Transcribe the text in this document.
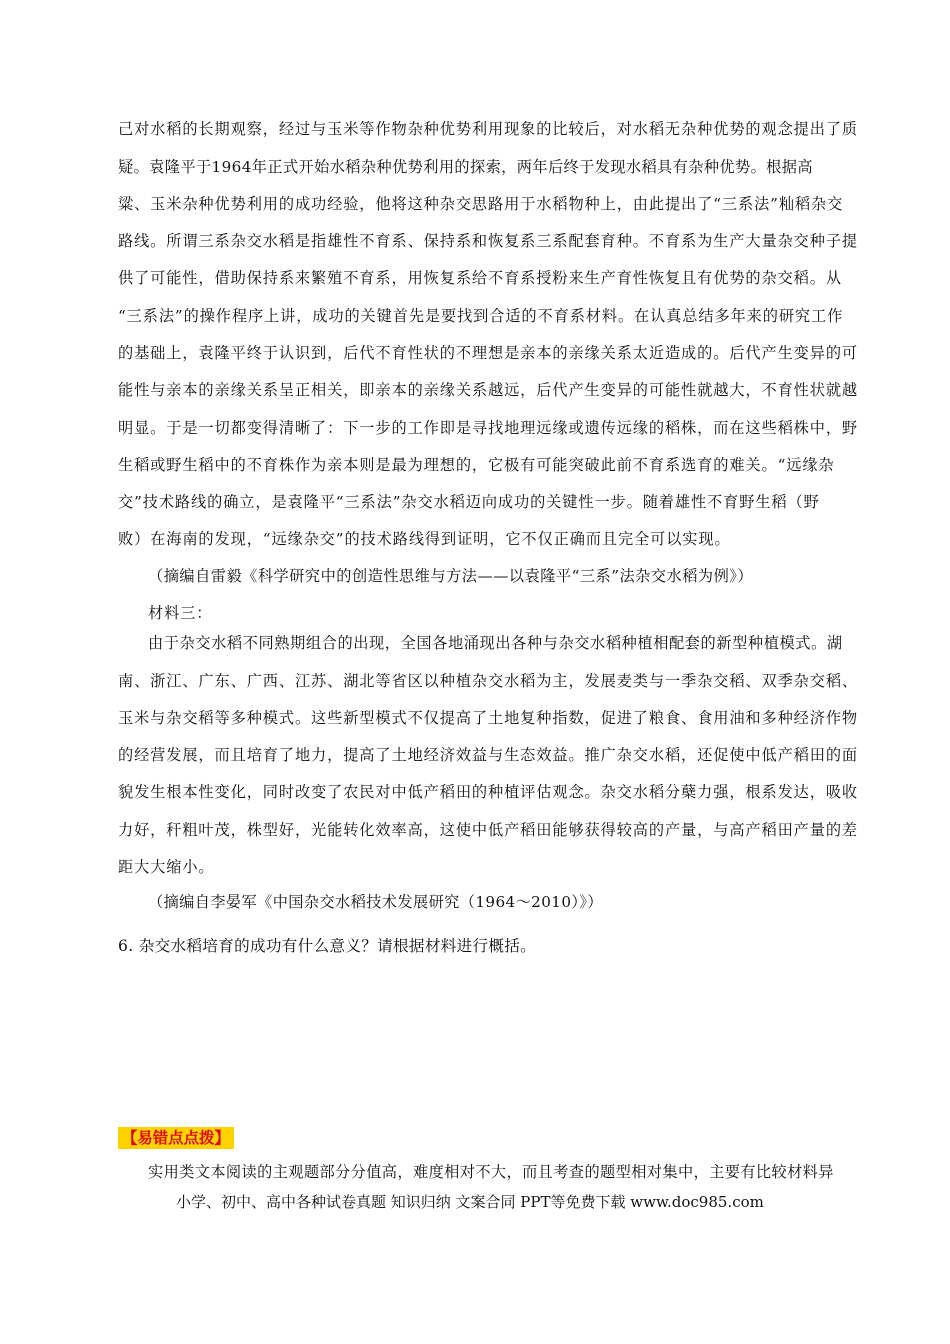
己对水稻的长期观察，经过与玉米等作物杂种优势利用现象的比较后，对水稻无杂种优势的观念提出了质
疑。袁隆平于1964年正式开始水稻杂种优势利用的探索，两年后终于发现水稻具有杂种优势。根据高
粱、玉米杂种优势利用的成功经验，他将这种杂交思路用于水稻物种上，由此提出了“三系法”籼稻杂交
路线。所谓三系杂交水稻是指雄性不育系、保持系和恢复系三系配套育种。不育系为生产大量杂交种子提
供了可能性，借助保持系来繁殖不育系，用恢复系给不育系授粉来生产育性恢复且有优势的杂交稻。从
“三系法”的操作程序上讲，成功的关键首先是要找到合适的不育系材料。在认真总结多年来的研究工作
的基础上，袁隆平终于认识到，后代不育性状的不理想是亲本的亲缘关系太近造成的。后代产生变异的可
能性与亲本的亲缘关系呈正相关，即亲本的亲缘关系越远，后代产生变异的可能性就越大，不育性状就越
明显。于是一切都变得清晰了：下一步的工作即是寻找地理远缘或遗传远缘的稻株，而在这些稻株中，野
生稻或野生稻中的不育株作为亲本则是最为理想的，它极有可能突破此前不育系选育的难关。“远缘杂
交”技术路线的确立，是袁隆平“三系法”杂交水稻迈向成功的关键性一步。随着雄性不育野生稻（野
败）在海南的发现，“远缘杂交”的技术路线得到证明，它不仅正确而且完全可以实现。
（摘编自雷毅《科学研究中的创造性思维与方法——以袁隆平“三系”法杂交水稻为例》）
材料三：
由于杂交水稻不同熟期组合的出现，全国各地涌现出各种与杂交水稻种植相配套的新型种植模式。湖
南、浙江、广东、广西、江苏、湖北等省区以种植杂交水稻为主，发展麦类与一季杂交稻、双季杂交稻、
玉米与杂交稻等多种模式。这些新型模式不仅提高了土地复种指数，促进了粮食、食用油和多种经济作物
的经营发展，而且培育了地力，提高了土地经济效益与生态效益。推广杂交水稻，还促使中低产稻田的面
貌发生根本性变化，同时改变了农民对中低产稻田的种植评估观念。杂交水稻分蘖力强，根系发达，吸收
力好，秆粗叶茂，株型好，光能转化效率高，这使中低产稻田能够获得较高的产量，与高产稻田产量的差
距大大缩小。
（摘编自李晏军《中国杂交水稻技术发展研究（1964～2010）》）
6. 杂交水稻培育的成功有什么意义？请根据材料进行概括。
【易错点点拨】
实用类文本阅读的主观题部分分值高，难度相对不大，而且考查的题型相对集中，主要有比较材料异
小学、初中、高中各种试卷真题 知识归纳 文案合同 PPT等免费下载 www.doc985.com
